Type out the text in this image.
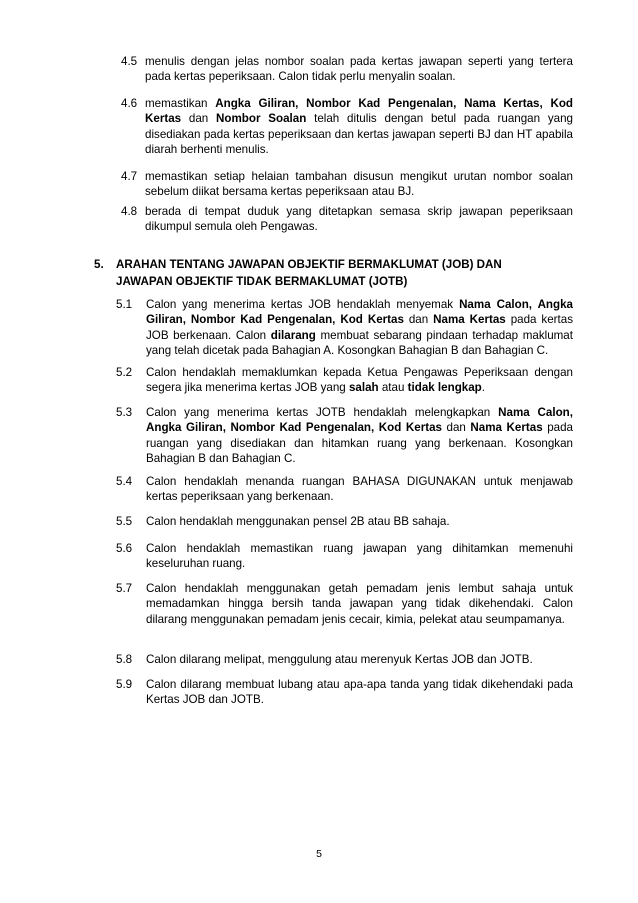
4.5 menulis dengan jelas nombor soalan pada kertas jawapan seperti yang tertera pada kertas peperiksaan. Calon tidak perlu menyalin soalan.
4.6 memastikan Angka Giliran, Nombor Kad Pengenalan, Nama Kertas, Kod Kertas dan Nombor Soalan telah ditulis dengan betul pada ruangan yang disediakan pada kertas peperiksaan dan kertas jawapan seperti BJ dan HT apabila diarah berhenti menulis.
4.7 memastikan setiap helaian tambahan disusun mengikut urutan nombor soalan sebelum diikat bersama kertas peperiksaan atau BJ.
4.8 berada di tempat duduk yang ditetapkan semasa skrip jawapan peperiksaan dikumpul semula oleh Pengawas.
5. ARAHAN TENTANG JAWAPAN OBJEKTIF BERMAKLUMAT (JOB) DAN
JAWAPAN OBJEKTIF TIDAK BERMAKLUMAT (JOTB)
5.1 Calon yang menerima kertas JOB hendaklah menyemak Nama Calon, Angka Giliran, Nombor Kad Pengenalan, Kod Kertas dan Nama Kertas pada kertas JOB berkenaan. Calon dilarang membuat sebarang pindaan terhadap maklumat yang telah dicetak pada Bahagian A. Kosongkan Bahagian B dan Bahagian C.
5.2 Calon hendaklah memaklumkan kepada Ketua Pengawas Peperiksaan dengan segera jika menerima kertas JOB yang salah atau tidak lengkap.
5.3 Calon yang menerima kertas JOTB hendaklah melengkapkan Nama Calon, Angka Giliran, Nombor Kad Pengenalan, Kod Kertas dan Nama Kertas pada ruangan yang disediakan dan hitamkan ruang yang berkenaan. Kosongkan Bahagian B dan Bahagian C.
5.4 Calon hendaklah menanda ruangan BAHASA DIGUNAKAN untuk menjawab kertas peperiksaan yang berkenaan.
5.5 Calon hendaklah menggunakan pensel 2B atau BB sahaja.
5.6 Calon hendaklah memastikan ruang jawapan yang dihitamkan memenuhi keseluruhan ruang.
5.7 Calon hendaklah menggunakan getah pemadam jenis lembut sahaja untuk memadamkan hingga bersih tanda jawapan yang tidak dikehendaki. Calon dilarang menggunakan pemadam jenis cecair, kimia, pelekat atau seumpamanya.
5.8 Calon dilarang melipat, menggulung atau merenyuk Kertas JOB dan JOTB.
5.9 Calon dilarang membuat lubang atau apa-apa tanda yang tidak dikehendaki pada Kertas JOB dan JOTB.
5
